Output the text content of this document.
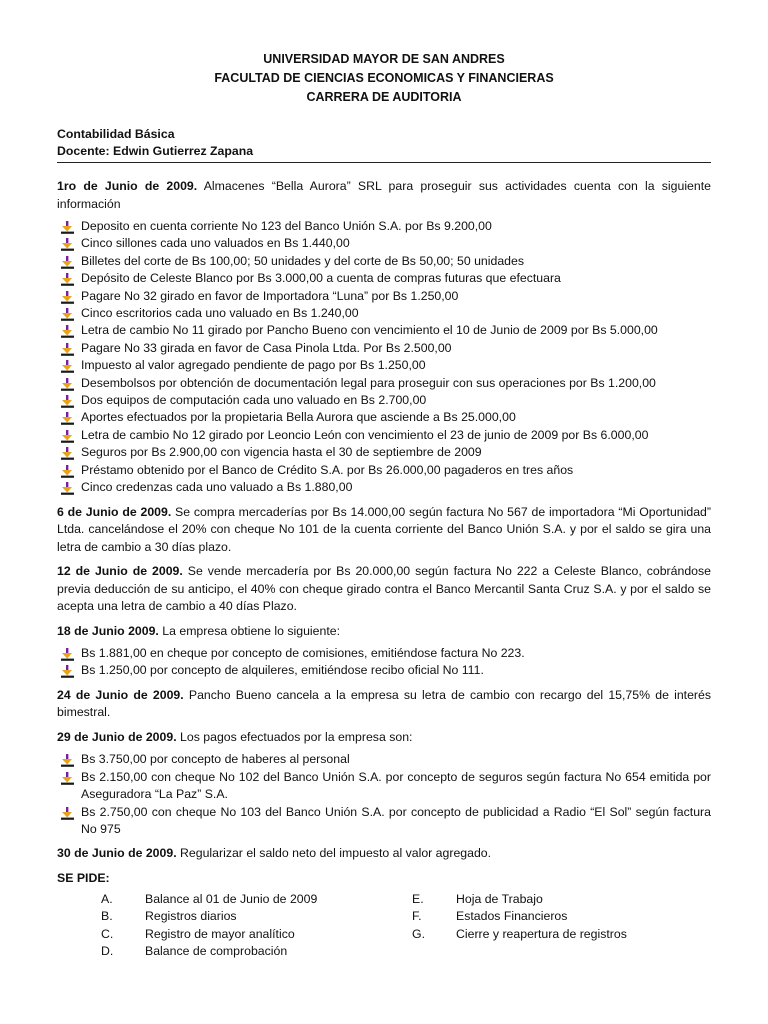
UNIVERSIDAD MAYOR DE SAN ANDRES
FACULTAD DE CIENCIAS ECONOMICAS Y FINANCIERAS
CARRERA DE AUDITORIA
Contabilidad Básica
Docente: Edwin Gutierrez Zapana

1ro de Junio de 2009. Almacenes “Bella Aurora” SRL para proseguir sus actividades cuenta con la siguiente información

Deposito en cuenta corriente No 123 del Banco Unión S.A. por Bs 9.200,00
Cinco sillones cada uno valuados en Bs 1.440,00
Billetes del corte de Bs 100,00; 50 unidades y del corte de Bs 50,00; 50 unidades
Depósito de Celeste Blanco por Bs 3.000,00 a cuenta de compras futuras que efectuara
Pagare No 32 girado en favor de Importadora “Luna” por Bs 1.250,00
Cinco escritorios cada uno valuado en Bs 1.240,00
Letra de cambio No 11 girado por Pancho Bueno con vencimiento el 10 de Junio de 2009 por Bs 5.000,00
Pagare No 33 girada en favor de Casa Pinola Ltda. Por Bs 2.500,00
Impuesto al valor agregado pendiente de pago por Bs 1.250,00
Desembolsos por obtención de documentación legal para proseguir con sus operaciones por Bs 1.200,00
Dos equipos de computación cada uno valuado en Bs 2.700,00
Aportes efectuados por la propietaria Bella Aurora que asciende a Bs 25.000,00
Letra de cambio No 12 girado por Leoncio León con vencimiento el 23 de junio de 2009 por Bs 6.000,00
Seguros por Bs 2.900,00 con vigencia hasta el 30 de septiembre de 2009
Préstamo obtenido por el Banco de Crédito S.A. por Bs 26.000,00 pagaderos en tres años
Cinco credenzas cada uno valuado a Bs 1.880,00

6 de Junio de 2009. Se compra mercaderías por Bs 14.000,00 según factura No 567 de importadora “Mi Oportunidad” Ltda. cancelándose el 20% con cheque No 101 de la cuenta corriente del Banco Unión S.A. y por el saldo se gira una letra de cambio a 30 días plazo.

12 de Junio de 2009. Se vende mercadería por Bs 20.000,00 según factura No 222 a Celeste Blanco, cobrándose previa deducción de su anticipo, el 40% con cheque girado contra el Banco Mercantil Santa Cruz S.A. y por el saldo se acepta una letra de cambio a 40 días Plazo.

18 de Junio 2009. La empresa obtiene lo siguiente:

Bs 1.881,00 en cheque por concepto de comisiones, emitiéndose factura No 223.
Bs 1.250,00 por concepto de alquileres, emitiéndose recibo oficial No 111.

24 de Junio de 2009. Pancho Bueno cancela a la empresa su letra de cambio con recargo del 15,75% de interés bimestral.

29 de Junio de 2009. Los pagos efectuados por la empresa son:

Bs 3.750,00 por concepto de haberes al personal
Bs 2.150,00 con cheque No 102 del Banco Unión S.A. por concepto de seguros según factura No 654 emitida por Aseguradora “La Paz” S.A.
Bs 2.750,00 con cheque No 103 del Banco Unión S.A. por concepto de publicidad a Radio “El Sol” según factura No 975

30 de Junio de 2009. Regularizar el saldo neto del impuesto al valor agregado.

SE PIDE:
A.	Balance al 01 de Junio de 2009	E.	Hoja de Trabajo
B.	Registros diarios	F.	Estados Financieros
C.	Registro de mayor analítico	G.	Cierre y reapertura de registros
D.	Balance de comprobación
